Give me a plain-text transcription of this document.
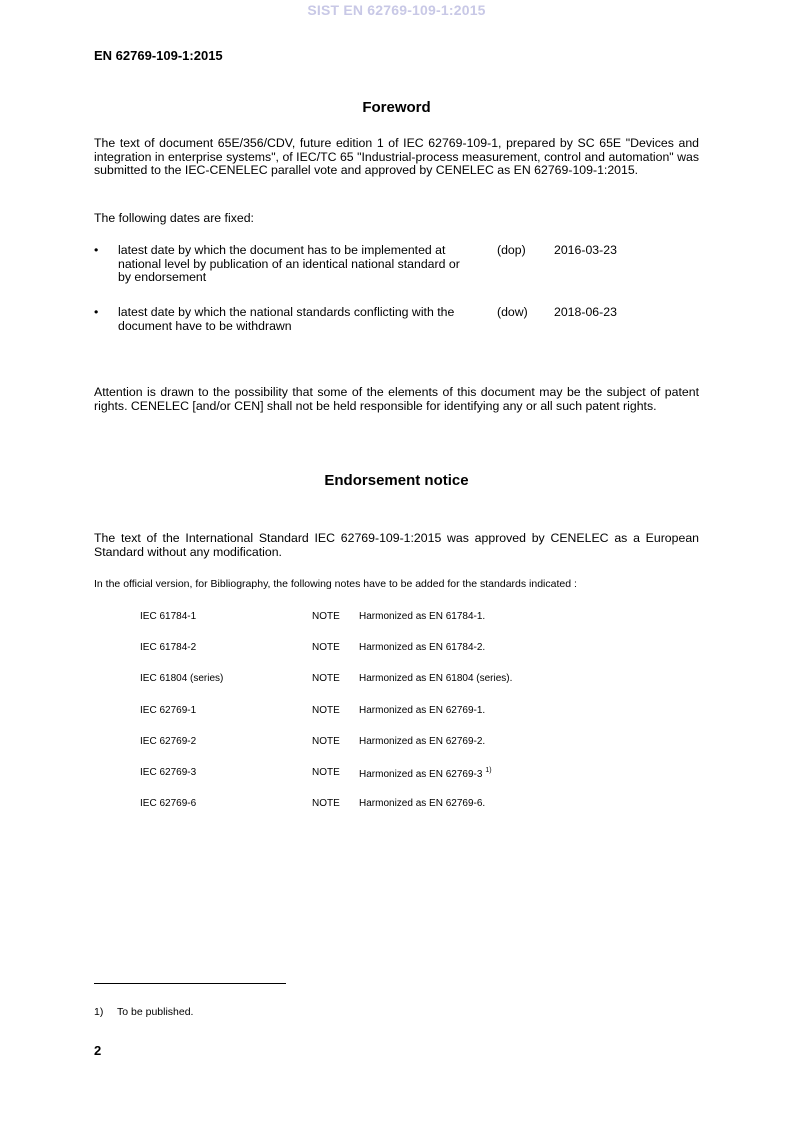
SIST EN 62769-109-1:2015
EN 62769-109-1:2015
Foreword
The text of document 65E/356/CDV, future edition 1 of IEC 62769-109-1, prepared by SC 65E "Devices and integration in enterprise systems", of IEC/TC 65 "Industrial-process measurement, control and automation" was submitted to the IEC-CENELEC parallel vote and approved by CENELEC as EN 62769-109-1:2015.
The following dates are fixed:
•	latest date by which the document has to be implemented at national level by publication of an identical national standard or by endorsement
(dop) 2016-03-23
•	latest date by which the national standards conflicting with the document have to be withdrawn
(dow) 2018-06-23
Attention is drawn to the possibility that some of the elements of this document may be the subject of patent rights. CENELEC [and/or CEN] shall not be held responsible for identifying any or all such patent rights.
Endorsement notice
The text of the International Standard IEC 62769-109-1:2015 was approved by CENELEC as a European Standard without any modification.
In the official version, for Bibliography, the following notes have to be added for the standards indicated :
IEC 61784-1	NOTE Harmonized as EN 61784-1.
IEC 61784-2	NOTE Harmonized as EN 61784-2.
IEC 61804 (series)	NOTE Harmonized as EN 61804 (series).
IEC 62769-1	NOTE Harmonized as EN 62769-1.
IEC 62769-2	NOTE Harmonized as EN 62769-2.
IEC 62769-3	NOTE Harmonized as EN 62769-3 $^{1)}$
IEC 62769-6	NOTE Harmonized as EN 62769-6.
1) To be published.
2
